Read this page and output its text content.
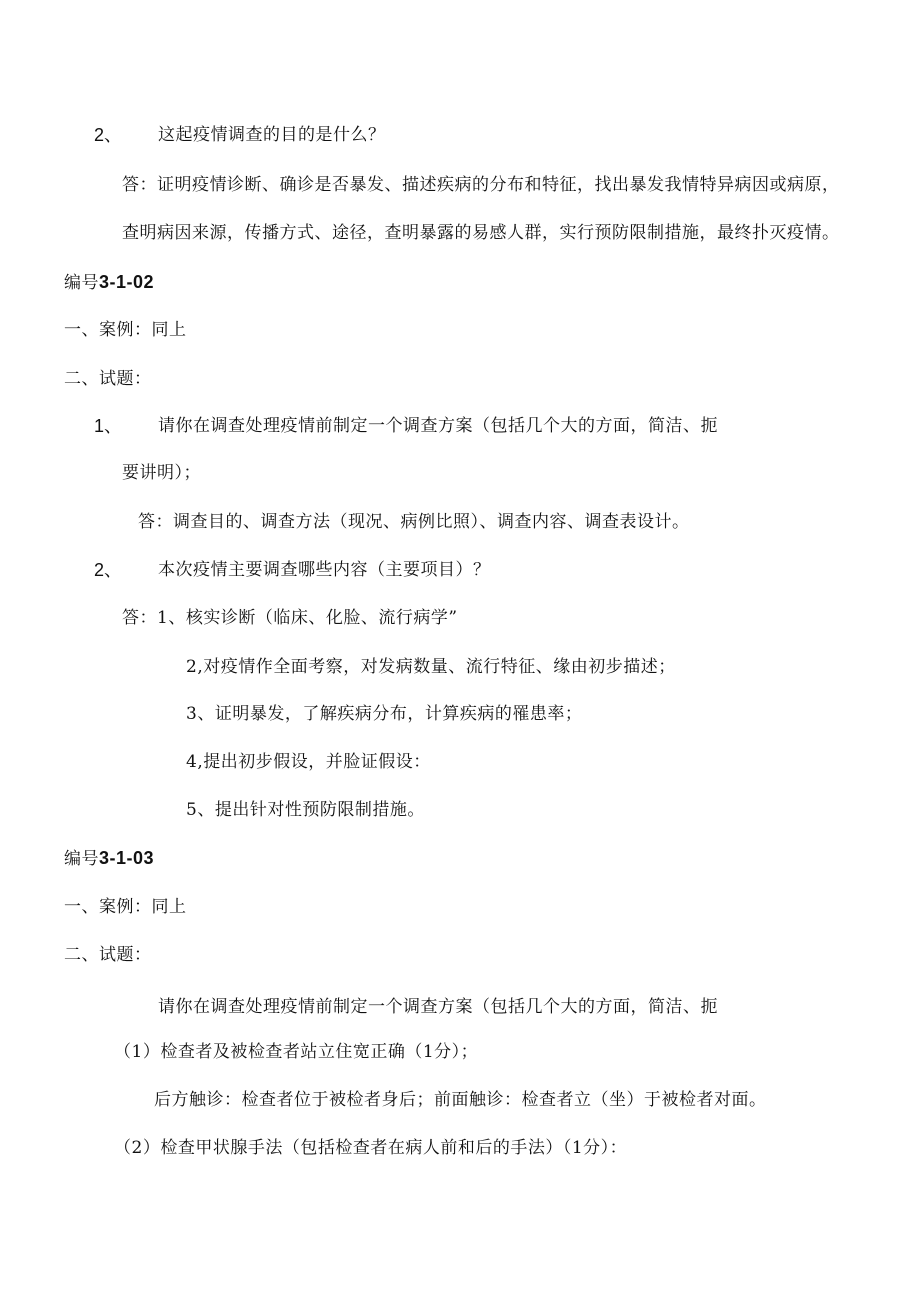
2、 这起疫情调查的目的是什么？
答：证明疫情诊断、确诊是否暴发、描述疾病的分布和特征，找出暴发我情特异病因或病原，
查明病因来源，传播方式、途径，查明暴露的易感人群，实行预防限制措施，最终扑灭疫情。
编号3-1-02
一、案例：同上
二、试题：
1、 请你在调查处理疫情前制定一个调查方案（包括几个大的方面，简洁、扼
要讲明）；
答：调查目的、调查方法（现况、病例比照）、调查内容、调查表设计。
2、 本次疫情主要调查哪些内容（主要项目）？
答：1、核实诊断（临床、化脸、流行病学”
2,对疫情作全面考察，对发病数量、流行特征、缘由初步描述；
3、证明暴发，了解疾病分布，计算疾病的罹患率；
4,提出初步假设，并脸证假设：
5、提出针对性预防限制措施。
编号3-1-03
一、案例：同上
二、试题：
请你在调查处理疫情前制定一个调查方案（包括几个大的方面，简洁、扼
（1）检查者及被检查者站立住宽正确（1分）；
后方触诊：检查者位于被检者身后；前面触诊：检查者立（坐）于被检者对面。
（2）检查甲状腺手法（包括检查者在病人前和后的手法）（1分）：
